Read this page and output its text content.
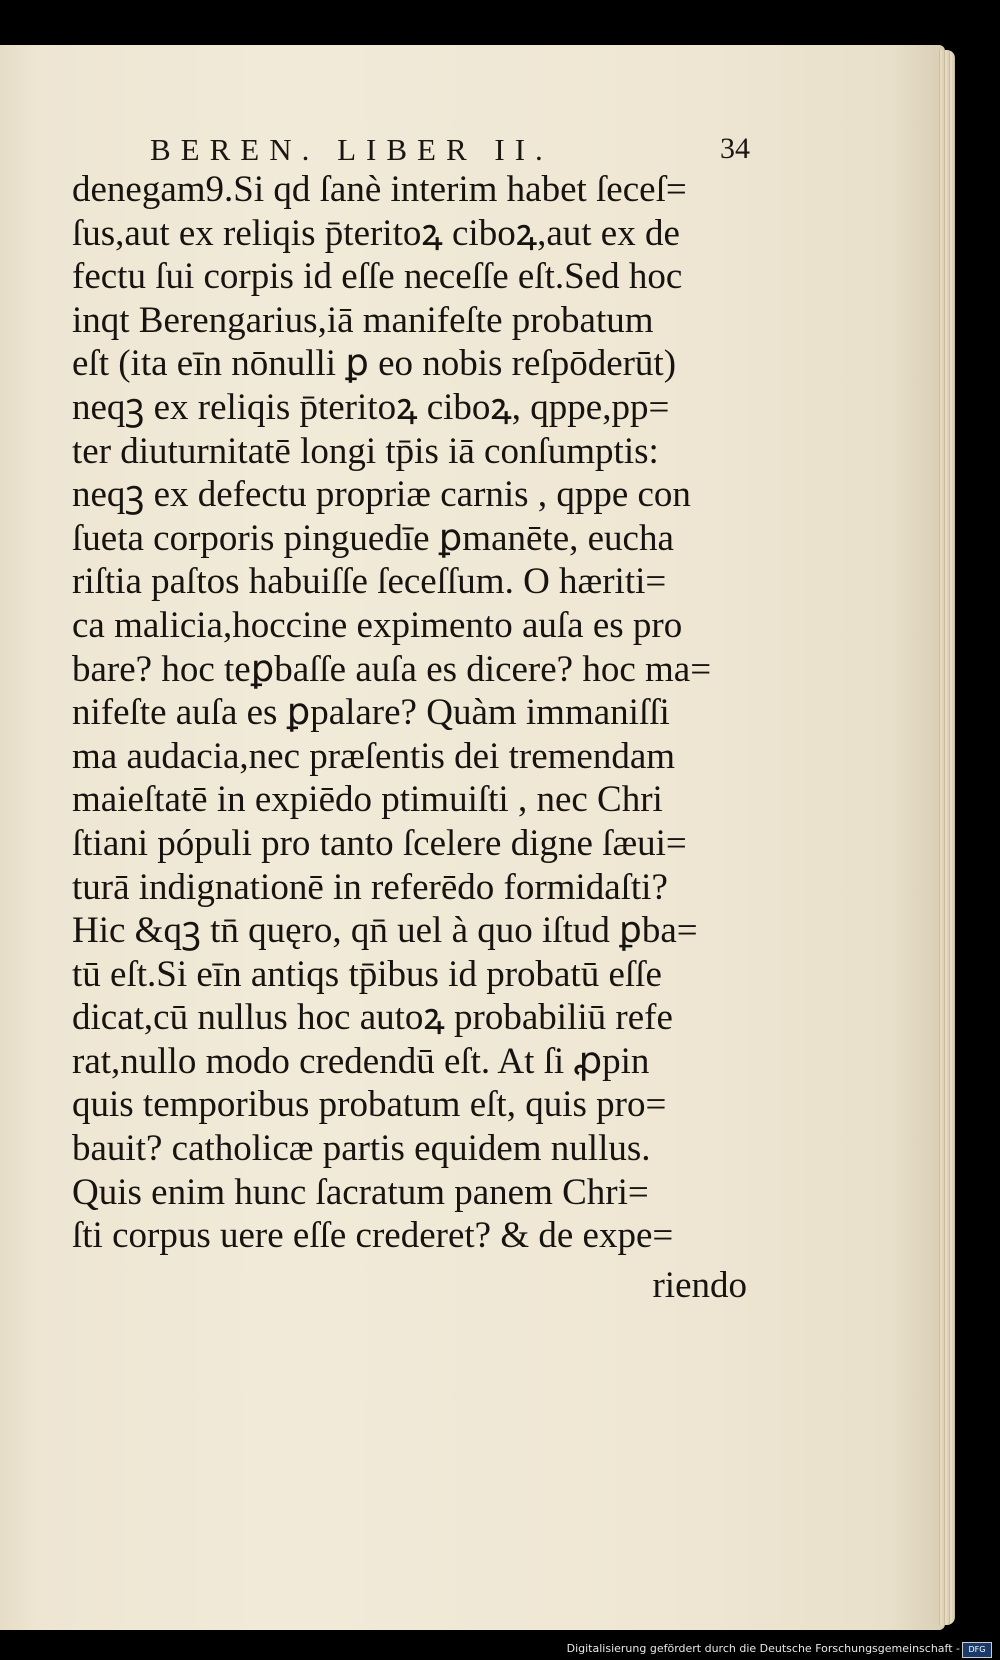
BEREN. LIBER II.	34
denegam9.Si qd ſanè interim habet ſeceſ=
ſus,aut ex reliqis p̄teritoꝝ ciboꝝ,aut ex de
fectu ſui corpis id eſſe neceſſe eſt.Sed hoc
inqt Berengarius,iā manifeſte probatum
eſt (ita eīn nōnulli ꝑ eo nobis reſpōderūt)
neqꝫ ex reliqis p̄teritoꝝ ciboꝝ, qppe,pp=
ter diuturnitatē longi tp̄is iā conſumptis:
neqꝫ ex defectu propriæ carnis , qppe con
ſueta corporis pinguedīe ꝑmanēte, eucha
riſtia paſtos habuiſſe ſeceſſum. O hæriti=
ca malicia,hoccine expimento auſa es pro
bare? hoc teꝑbaſſe auſa es dicere? hoc ma=
nifeſte auſa es ꝑpalare? Quàm immaniſſi
ma audacia,nec præſentis dei tremendam
maieſtatē in expiēdo ptimuiſti , nec Chri
ſtiani pópuli pro tanto ſcelere digne ſæui=
turā indignationē in referēdo formidaſti?
Hic &qꝫ tn̄ quęro, qn̄ uel à quo iſtud ꝑba=
tū eſt.Si eīn antiqs tp̄ibus id probatū eſſe
dicat,cū nullus hoc autoꝝ probabiliū refe
rat,nullo modo credendū eſt. At ſi ꝓpin
quis temporibus probatum eſt, quis pro=
bauit? catholicæ partis equidem nullus.
Quis enim hunc ſacratum panem Chri=
ſti corpus uere eſſe crederet? & de expe=
riendo
Digitalisierung gefördert durch die Deutsche Forschungsgemeinschaft -	DFG
